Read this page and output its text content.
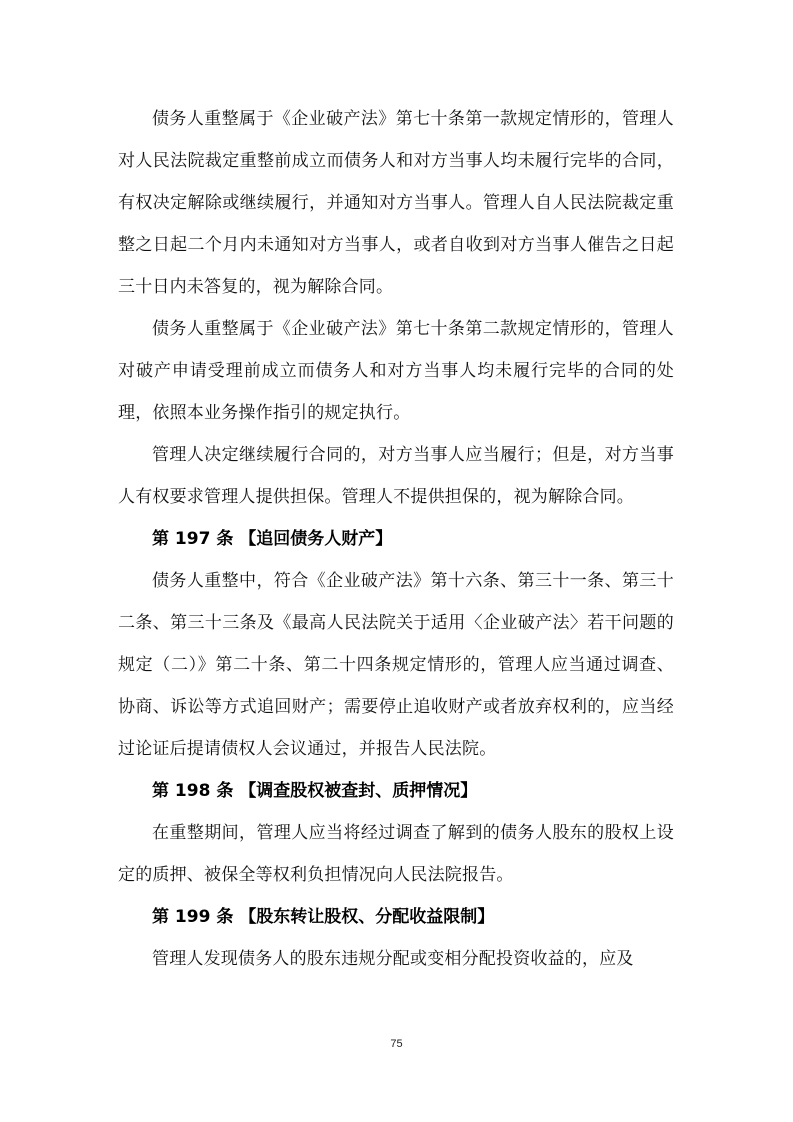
债务人重整属于《企业破产法》第七十条第一款规定情形的，管理人对人民法院裁定重整前成立而债务人和对方当事人均未履行完毕的合同，有权决定解除或继续履行，并通知对方当事人。管理人自人民法院裁定重整之日起二个月内未通知对方当事人，或者自收到对方当事人催告之日起三十日内未答复的，视为解除合同。

债务人重整属于《企业破产法》第七十条第二款规定情形的，管理人对破产申请受理前成立而债务人和对方当事人均未履行完毕的合同的处理，依照本业务操作指引的规定执行。

管理人决定继续履行合同的，对方当事人应当履行；但是，对方当事人有权要求管理人提供担保。管理人不提供担保的，视为解除合同。

第 197 条 【追回债务人财产】

债务人重整中，符合《企业破产法》第十六条、第三十一条、第三十二条、第三十三条及《最高人民法院关于适用〈企业破产法〉若干问题的规定（二）》第二十条、第二十四条规定情形的，管理人应当通过调查、协商、诉讼等方式追回财产；需要停止追收财产或者放弃权利的，应当经过论证后提请债权人会议通过，并报告人民法院。

第 198 条 【调查股权被查封、质押情况】

在重整期间，管理人应当将经过调查了解到的债务人股东的股权上设定的质押、被保全等权利负担情况向人民法院报告。

第 199 条 【股东转让股权、分配收益限制】

管理人发现债务人的股东违规分配或变相分配投资收益的，应及

75
